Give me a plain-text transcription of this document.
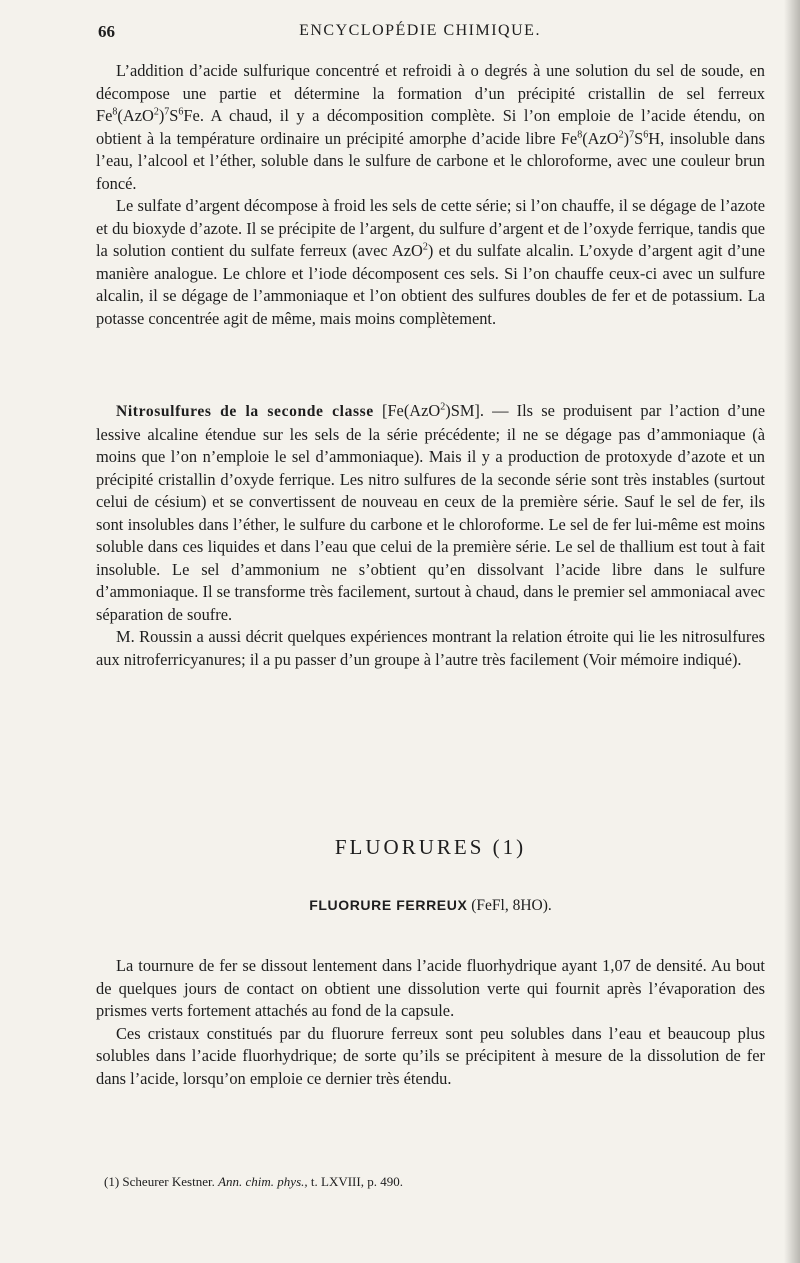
66	ENCYCLOPÉDIE CHIMIQUE.

L’addition d’acide sulfurique concentré et refroidi à o degrés à une solution du sel de soude, en décompose une partie et détermine la formation d’un précipité cristallin de sel ferreux $Fe^8(AzO^2)^7S^6Fe$. A chaud, il y a décomposition complète. Si l’on emploie de l’acide étendu, on obtient à la température ordinaire un précipité amorphe d’acide libre $Fe^8(AzO^2)^7S^6H$, insoluble dans l’eau, l’alcool et l’éther, soluble dans le sulfure de carbone et le chloroforme, avec une couleur brun foncé.

Le sulfate d’argent décompose à froid les sels de cette série; si l’on chauffe, il se dégage de l’azote et du bioxyde d’azote. Il se précipite de l’argent, du sulfure d’argent et de l’oxyde ferrique, tandis que la solution contient du sulfate ferreux (avec AzO$^2$) et du sulfate alcalin. L’oxyde d’argent agit d’une manière analogue. Le chlore et l’iode décomposent ces sels. Si l’on chauffe ceux-ci avec un sulfure alcalin, il se dégage de l’ammoniaque et l’on obtient des sulfures doubles de fer et de potassium. La potasse concentrée agit de même, mais moins complètement.

Nitrosulfures de la seconde classe [Fe(AzO$^2$)SM]. — Ils se produisent par l’action d’une lessive alcaline étendue sur les sels de la série précédente; il ne se dégage pas d’ammoniaque (à moins que l’on n’emploie le sel d’ammoniaque). Mais il y a production de protoxyde d’azote et un précipité cristallin d’oxyde ferrique. Les nitro sulfures de la seconde série sont très instables (surtout celui de césium) et se convertissent de nouveau en ceux de la première série. Sauf le sel de fer, ils sont insolubles dans l’éther, le sulfure du carbone et le chloroforme. Le sel de fer lui-même est moins soluble dans ces liquides et dans l’eau que celui de la première série. Le sel de thallium est tout à fait insoluble. Le sel d’ammonium ne s’obtient qu’en dissolvant l’acide libre dans le sulfure d’ammoniaque. Il se transforme très facilement, surtout à chaud, dans le premier sel ammoniacal avec séparation de soufre.

M. Roussin a aussi décrit quelques expériences montrant la relation étroite qui lie les nitrosulfures aux nitroferricyanures; il a pu passer d’un groupe à l’autre très facilement (Voir mémoire indiqué).

FLUORURES (1)
FLUORURE FERREUX (FeFl, 8HO).

La tournure de fer se dissout lentement dans l’acide fluorhydrique ayant 1,07 de densité. Au bout de quelques jours de contact on obtient une dissolution verte qui fournit après l’évaporation des prismes verts fortement attachés au fond de la capsule.

Ces cristaux constitués par du fluorure ferreux sont peu solubles dans l’eau et beaucoup plus solubles dans l’acide fluorhydrique; de sorte qu’ils se précipitent à mesure de la dissolution de fer dans l’acide, lorsqu’on emploie ce dernier très étendu.

(1) Scheurer Kestner. Ann. chim. phys., t. LXVIII, p. 490.
